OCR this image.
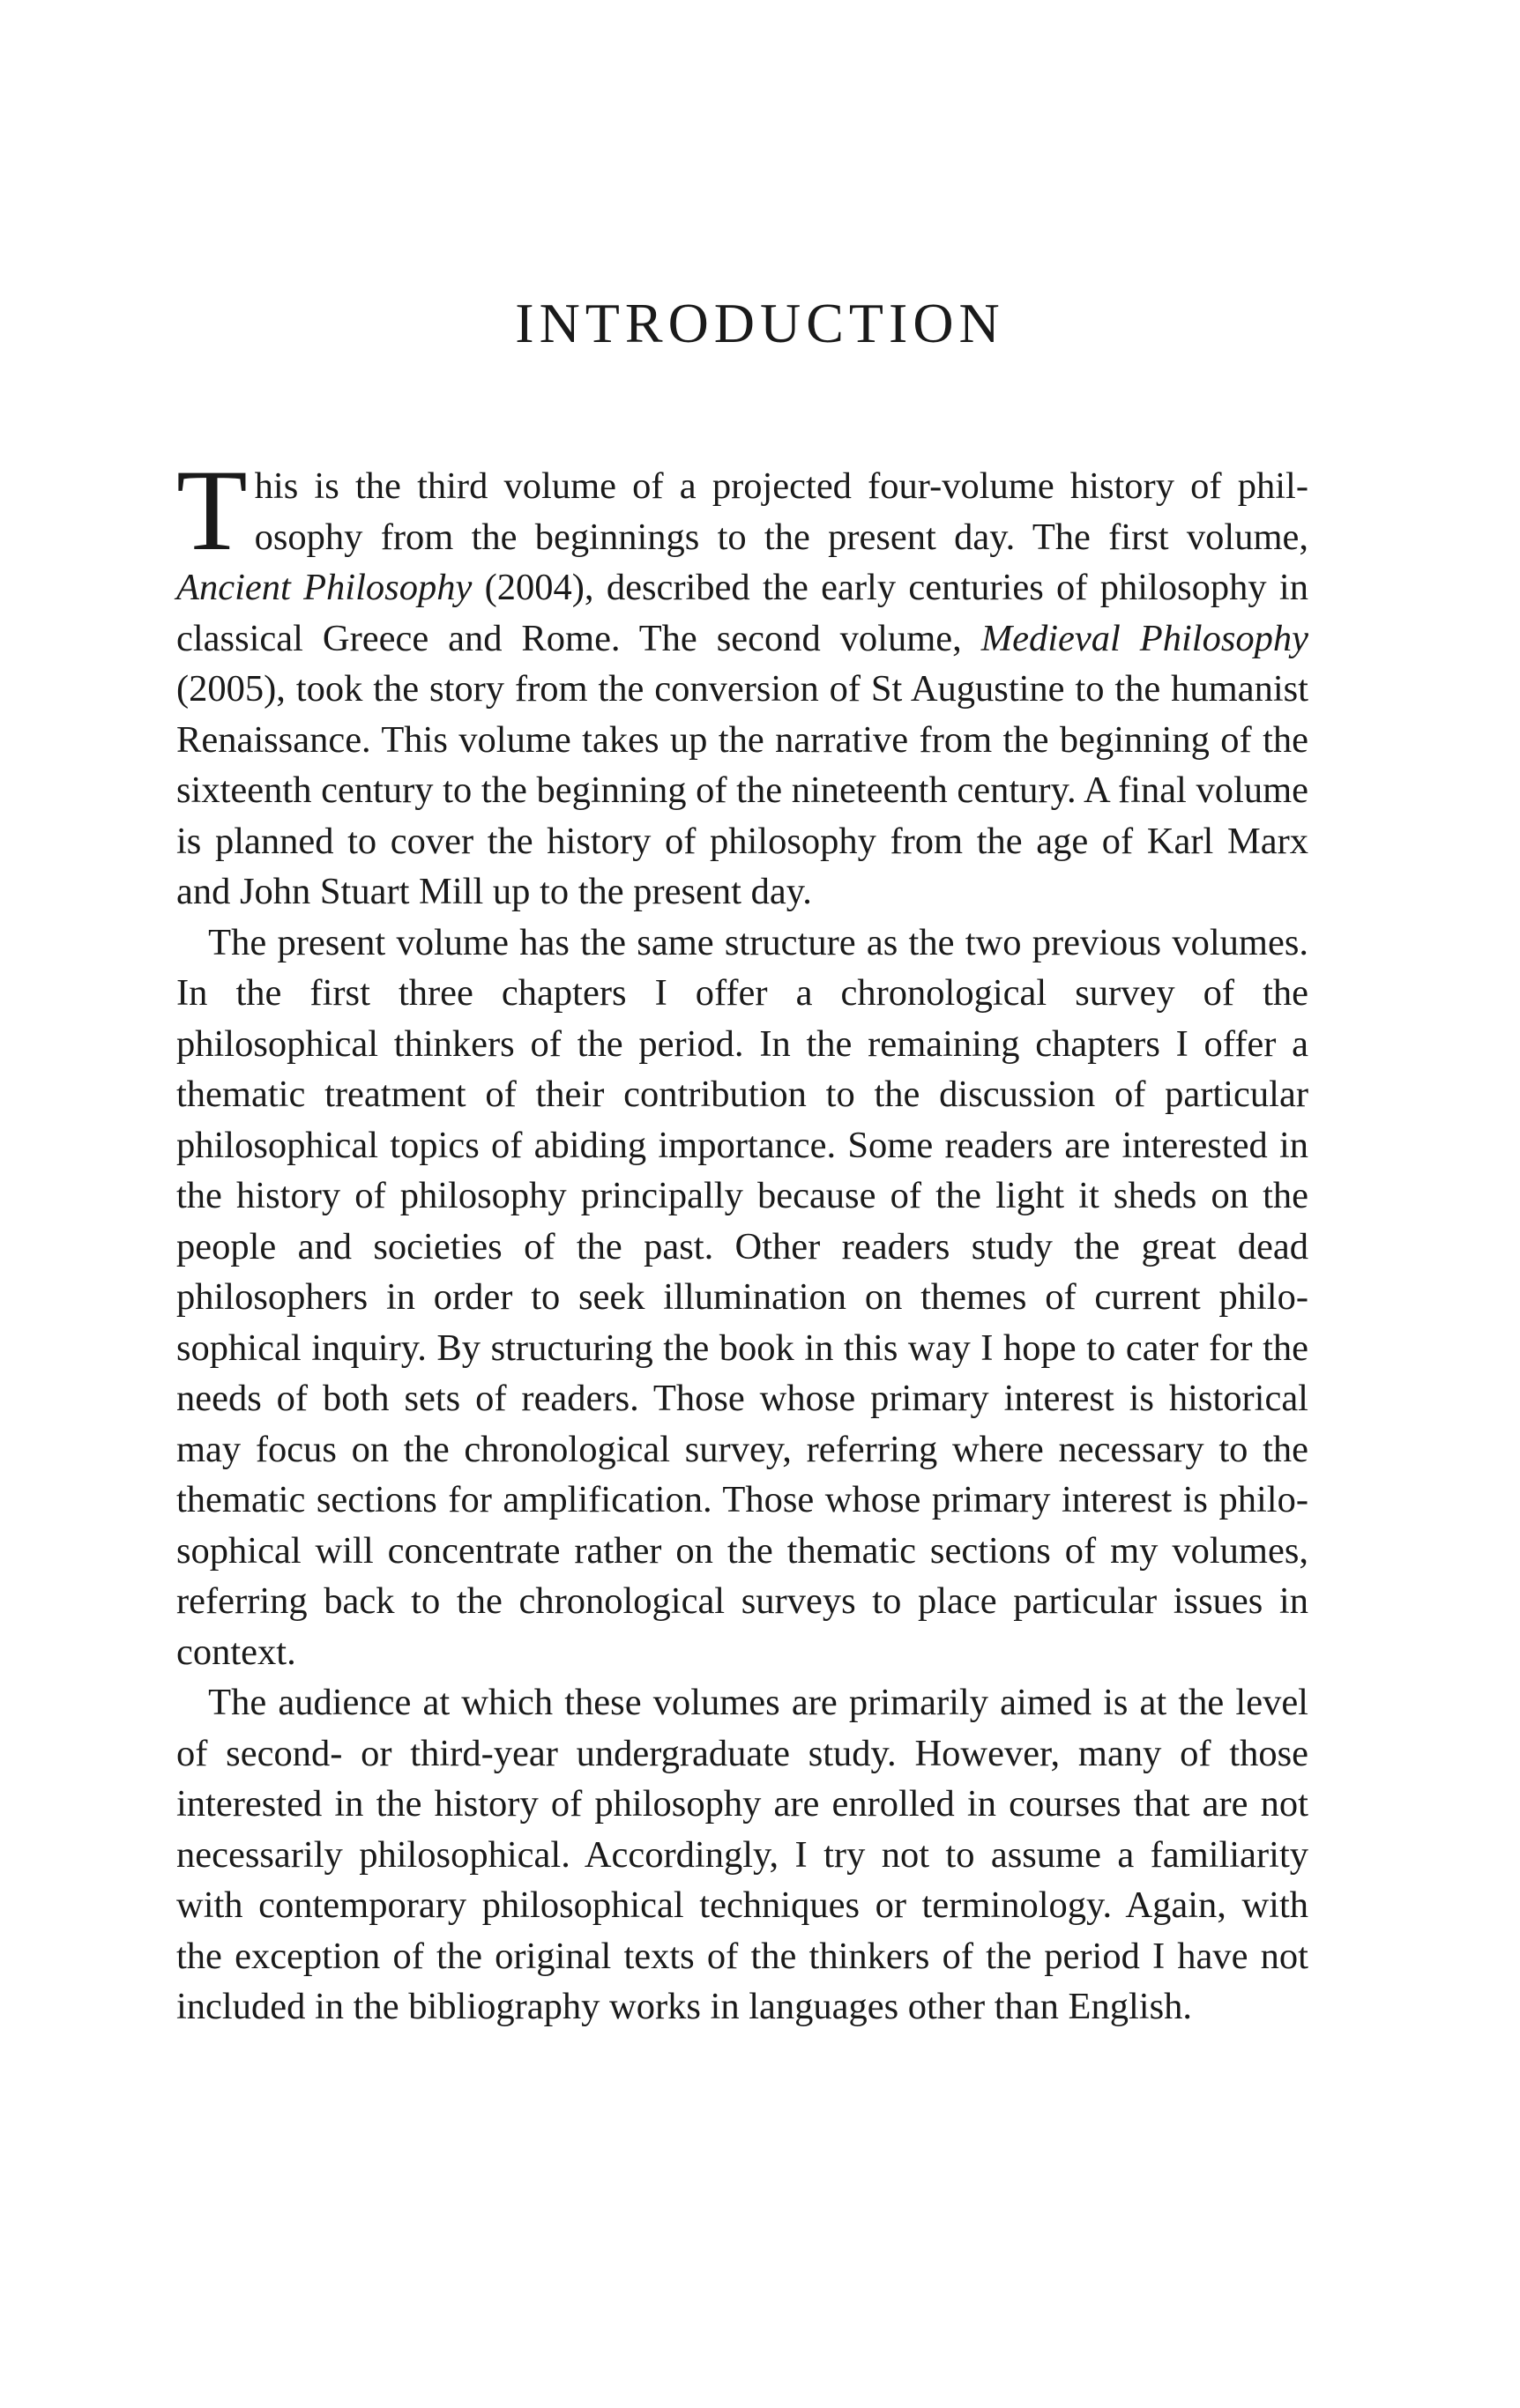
INTRODUCTION

This is the third volume of a projected four-volume history of philosophy from the beginnings to the present day. The first volume, Ancient Philosophy (2004), described the early centuries of philosophy in classical Greece and Rome. The second volume, Medieval Philosophy (2005), took the story from the conversion of St Augustine to the humanist Renaissance. This volume takes up the narrative from the beginning of the sixteenth century to the beginning of the nineteenth century. A final volume is planned to cover the history of philosophy from the age of Karl Marx and John Stuart Mill up to the present day.

The present volume has the same structure as the two previous volumes. In the first three chapters I offer a chronological survey of the philosophical thinkers of the period. In the remaining chapters I offer a thematic treatment of their contribution to the discussion of particular philosophical topics of abiding importance. Some readers are interested in the history of philosophy principally because of the light it sheds on the people and societies of the past. Other readers study the great dead philosophers in order to seek illumination on themes of current philosophical inquiry. By structuring the book in this way I hope to cater for the needs of both sets of readers. Those whose primary interest is historical may focus on the chronological survey, referring where necessary to the thematic sections for amplification. Those whose primary interest is philosophical will concentrate rather on the thematic sections of my volumes, referring back to the chronological surveys to place particular issues in context.

The audience at which these volumes are primarily aimed is at the level of second- or third-year undergraduate study. However, many of those interested in the history of philosophy are enrolled in courses that are not necessarily philosophical. Accordingly, I try not to assume a familiarity with contemporary philosophical techniques or terminology. Again, with the exception of the original texts of the thinkers of the period I have not included in the bibliography works in languages other than English.
